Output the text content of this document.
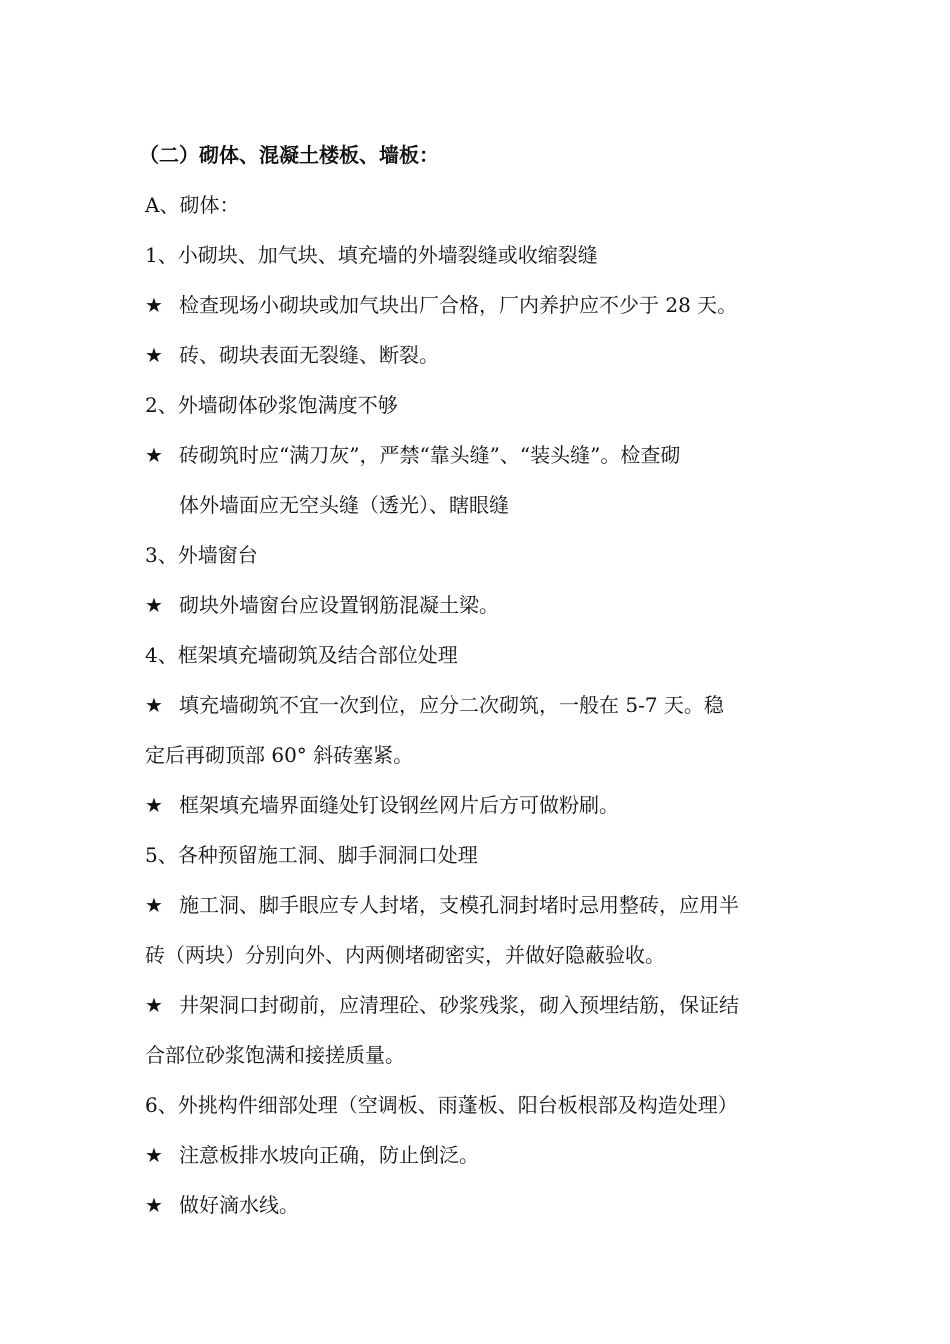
（二）砌体、混凝土楼板、墙板：
A、砌体：
1、小砌块、加气块、填充墙的外墙裂缝或收缩裂缝
★ 检查现场小砌块或加气块出厂合格，厂内养护应不少于 28 天。
★ 砖、砌块表面无裂缝、断裂。
2、外墙砌体砂浆饱满度不够
★ 砖砌筑时应“满刀灰”，严禁“靠头缝”、“装头缝”。检查砌
体外墙面应无空头缝（透光）、瞎眼缝
3、外墙窗台
★ 砌块外墙窗台应设置钢筋混凝土梁。
4、框架填充墙砌筑及结合部位处理
★ 填充墙砌筑不宜一次到位，应分二次砌筑，一般在 5-7 天。稳
定后再砌顶部 60° 斜砖塞紧。
★ 框架填充墙界面缝处钉设钢丝网片后方可做粉刷。
5、各种预留施工洞、脚手洞洞口处理
★ 施工洞、脚手眼应专人封堵，支模孔洞封堵时忌用整砖，应用半
砖（两块）分别向外、内两侧堵砌密实，并做好隐蔽验收。
★ 井架洞口封砌前，应清理砼、砂浆残浆，砌入预埋结筋，保证结
合部位砂浆饱满和接搓质量。
6、外挑构件细部处理（空调板、雨蓬板、阳台板根部及构造处理）
★ 注意板排水坡向正确，防止倒泛。
★ 做好滴水线。
